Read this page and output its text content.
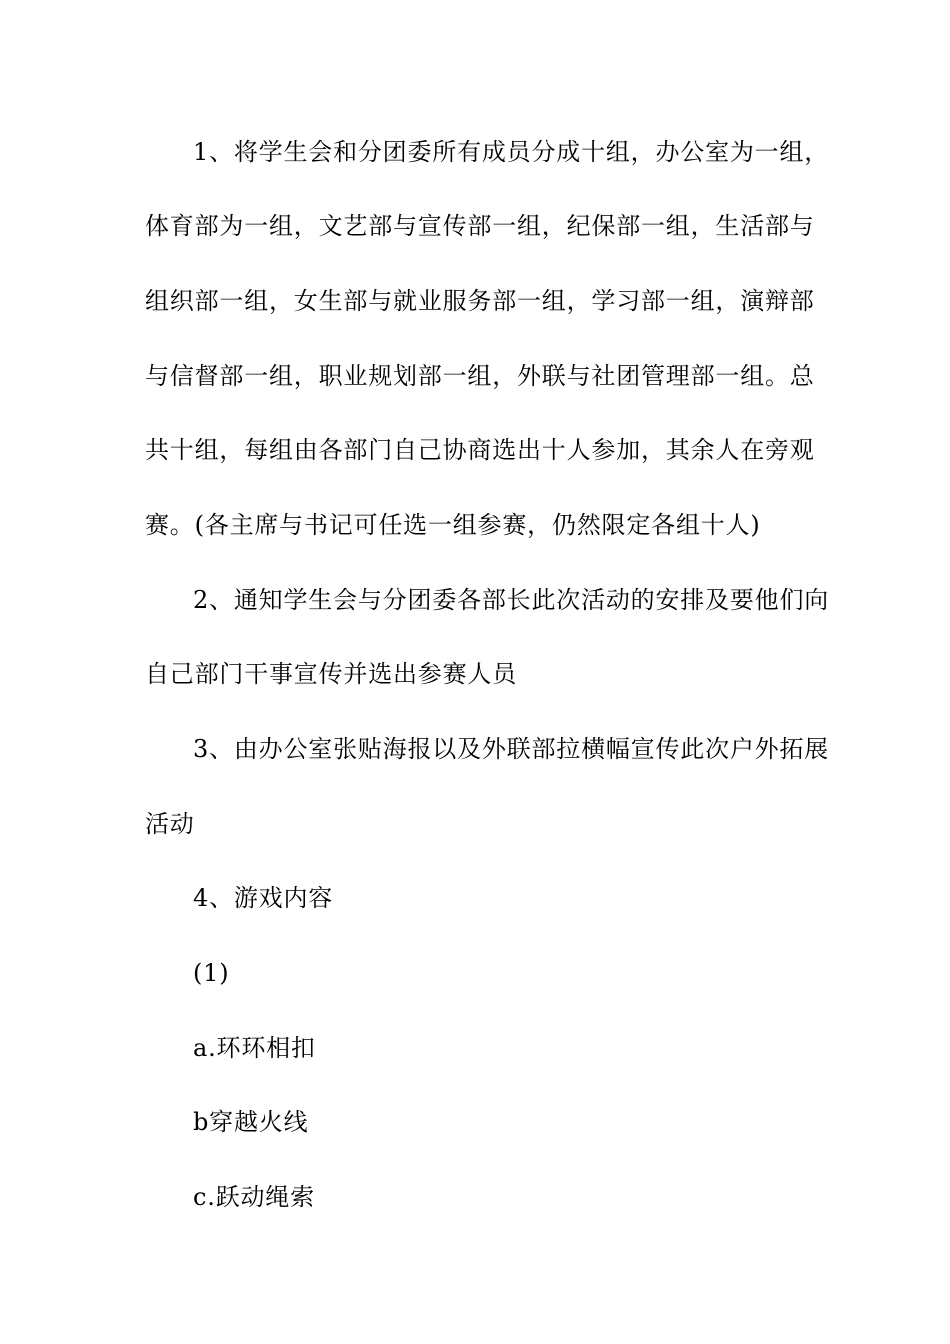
1、将学生会和分团委所有成员分成十组，办公室为一组，
体育部为一组，文艺部与宣传部一组，纪保部一组，生活部与
组织部一组，女生部与就业服务部一组，学习部一组，演辩部
与信督部一组，职业规划部一组，外联与社团管理部一组。总
共十组，每组由各部门自己协商选出十人参加，其余人在旁观
赛。(各主席与书记可任选一组参赛，仍然限定各组十人)
2、通知学生会与分团委各部长此次活动的安排及要他们向
自己部门干事宣传并选出参赛人员
3、由办公室张贴海报以及外联部拉横幅宣传此次户外拓展
活动
4、游戏内容
(1)
a.环环相扣
b穿越火线
c.跃动绳索
